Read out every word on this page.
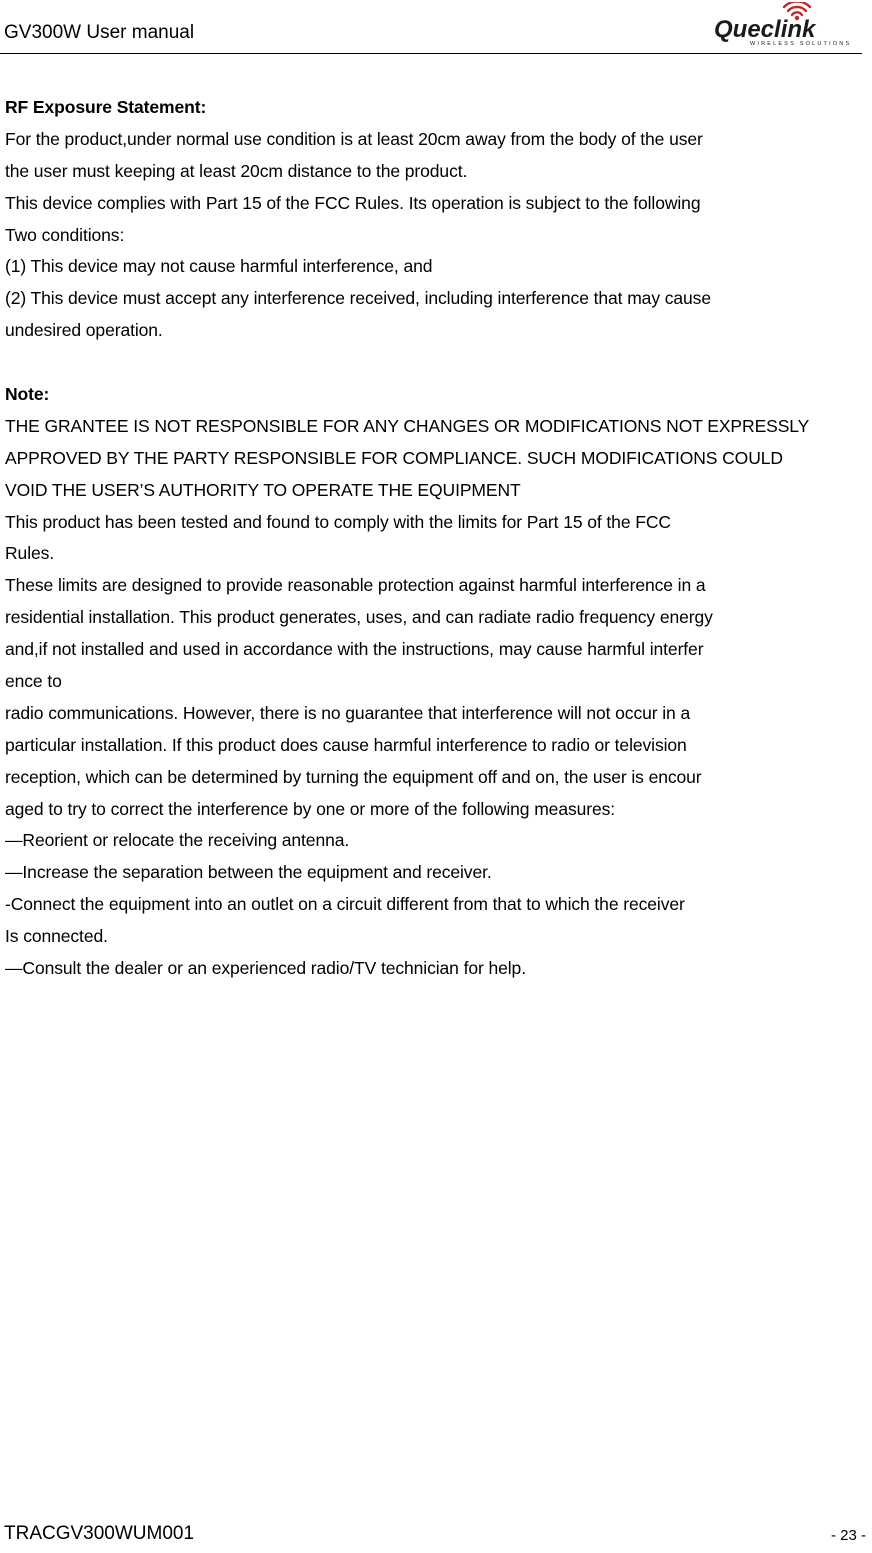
GV300W User manual	Queclink
WIRELESS SOLUTIONS
RF Exposure Statement:
For the product,under normal use condition is at least 20cm away from the body of the user
the user must keeping at least 20cm distance to the product.
This device complies with Part 15 of the FCC Rules. Its operation is subject to the following
Two conditions:
(1) This device may not cause harmful interference, and
(2) This device must accept any interference received, including interference that may cause
undesired operation.
Note:
THE GRANTEE IS NOT RESPONSIBLE FOR ANY CHANGES OR MODIFICATIONS NOT EXPRESSLY
APPROVED BY THE PARTY RESPONSIBLE FOR COMPLIANCE. SUCH MODIFICATIONS COULD
VOID THE USER’S AUTHORITY TO OPERATE THE EQUIPMENT
This product has been tested and found to comply with the limits for Part 15 of the FCC
Rules.
These limits are designed to provide reasonable protection against harmful interference in a
residential installation. This product generates, uses, and can radiate radio frequency energy
and,if not installed and used in accordance with the instructions, may cause harmful interfer
ence to
radio communications. However, there is no guarantee that interference will not occur in a
particular installation. If this product does cause harmful interference to radio or television
reception, which can be determined by turning the equipment off and on, the user is encour
aged to try to correct the interference by one or more of the following measures:
—Reorient or relocate the receiving antenna.
—Increase the separation between the equipment and receiver.
-Connect the equipment into an outlet on a circuit different from that to which the receiver
Is connected.
—Consult the dealer or an experienced radio/TV technician for help.
TRACGV300WUM001	- 23 -
